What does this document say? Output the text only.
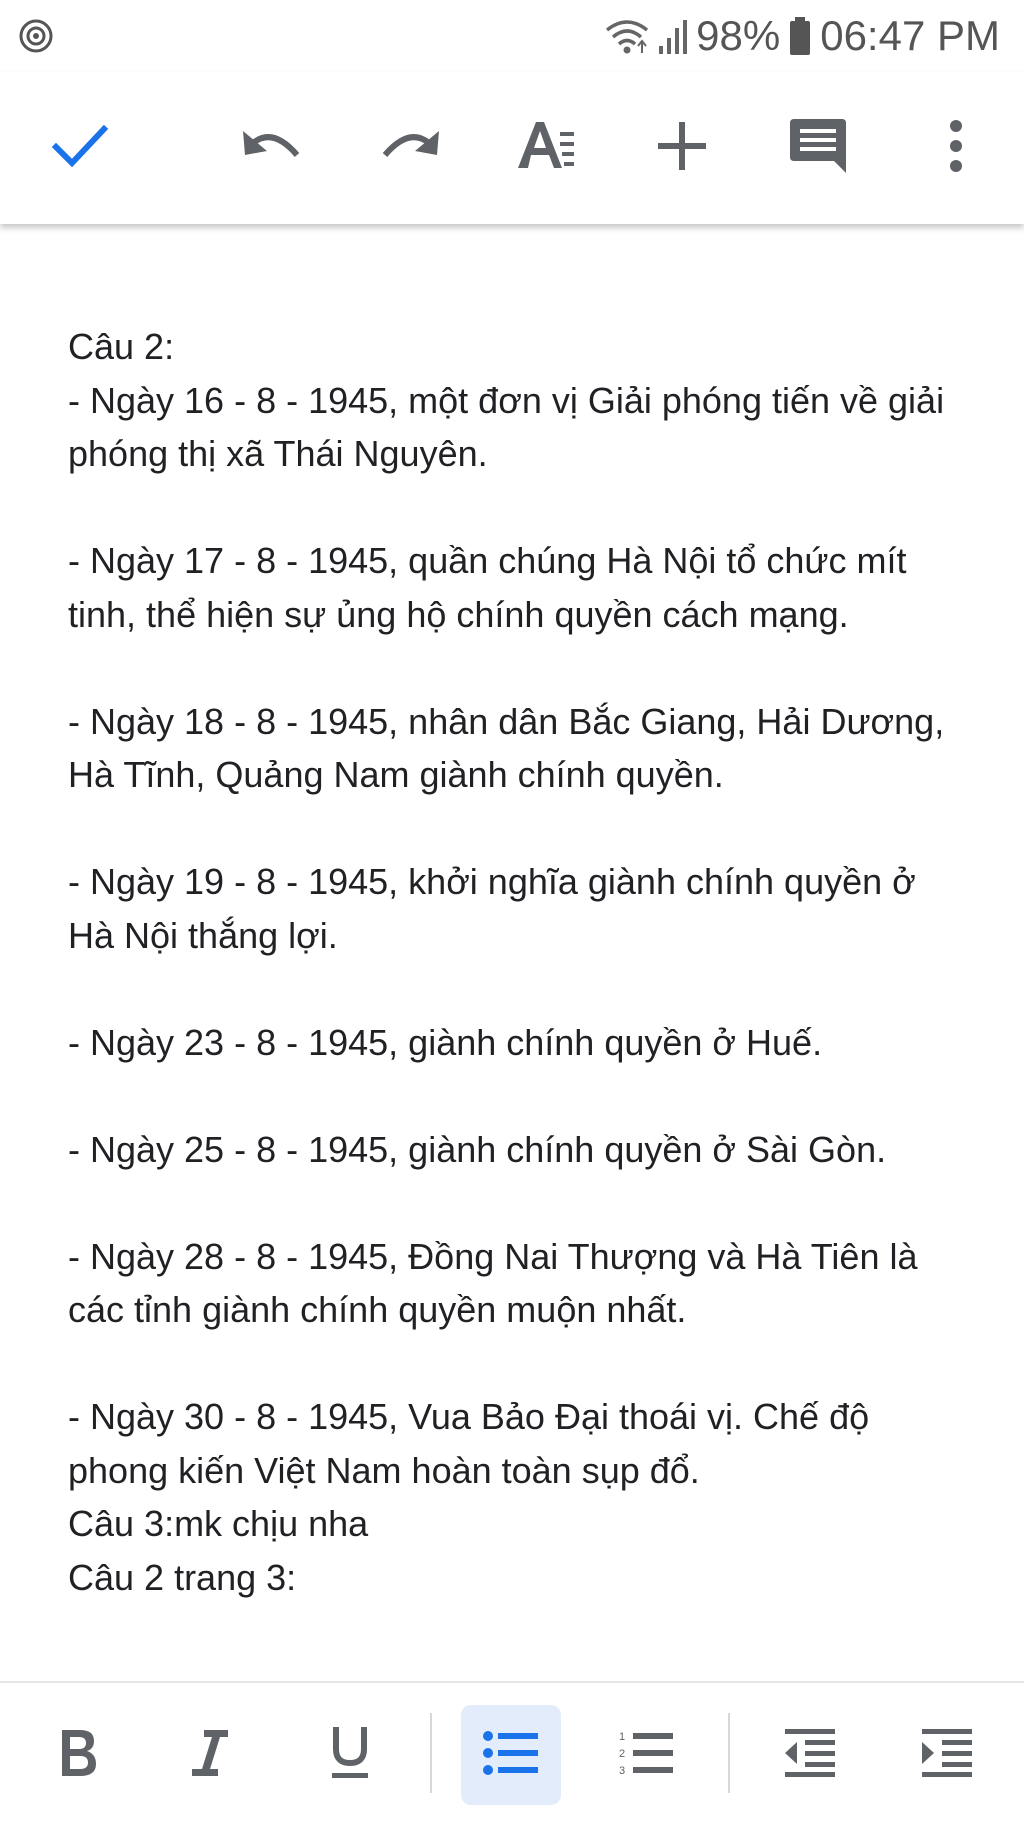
98% 06:47 PM

Câu 2:
- Ngày 16 - 8 - 1945, một đơn vị Giải phóng tiến về giải phóng thị xã Thái Nguyên.

- Ngày 17 - 8 - 1945, quần chúng Hà Nội tổ chức mít tinh, thể hiện sự ủng hộ chính quyền cách mạng.

- Ngày 18 - 8 - 1945, nhân dân Bắc Giang, Hải Dương, Hà Tĩnh, Quảng Nam giành chính quyền.

- Ngày 19 - 8 - 1945, khởi nghĩa giành chính quyền ở Hà Nội thắng lợi.

- Ngày 23 - 8 - 1945, giành chính quyền ở Huế.

- Ngày 25 - 8 - 1945, giành chính quyền ở Sài Gòn.

- Ngày 28 - 8 - 1945, Đồng Nai Thượng và Hà Tiên là các tỉnh giành chính quyền muộn nhất.

- Ngày 30 - 8 - 1945, Vua Bảo Đại thoái vị. Chế độ phong kiến Việt Nam hoàn toàn sụp đổ.
Câu 3:mk chịu nha
Câu 2 trang 3:

1
2
3
